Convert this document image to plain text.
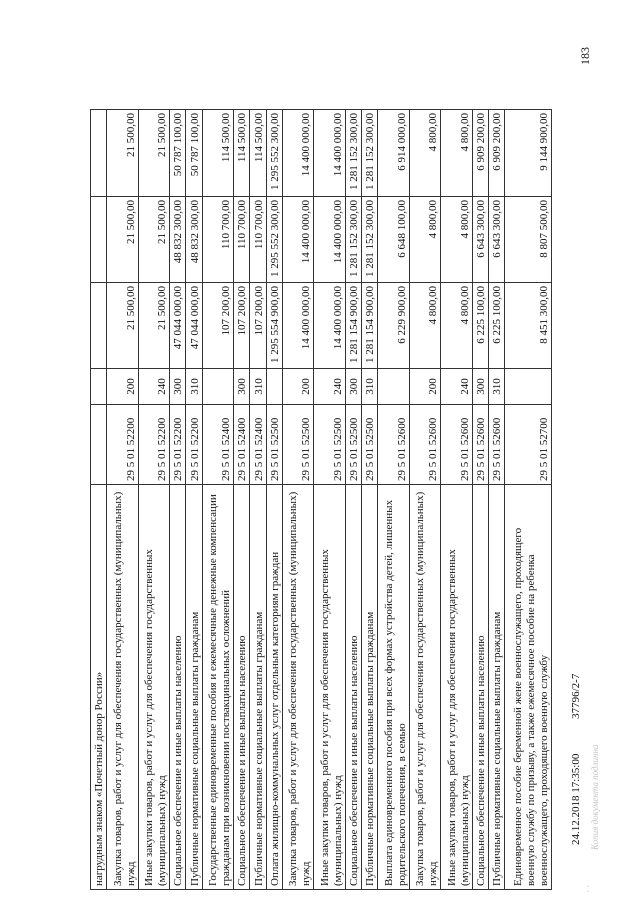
183
нагрудным знаком «Почетный донор России»					
Закупка товаров, работ и услуг для обеспечения государственных (муниципальных) нужд	29 5 01 52200	200	21 500,00	21 500,00	21 500,00
Иные закупки товаров, работ и услуг для обеспечения государственных (муниципальных) нужд	29 5 01 52200	240	21 500,00	21 500,00	21 500,00
Социальное обеспечение и иные выплаты населению	29 5 01 52200	300	47 044 000,00	48 832 300,00	50 787 100,00
Публичные нормативные социальные выплаты гражданам	29 5 01 52200	310	47 044 000,00	48 832 300,00	50 787 100,00
Государственные единовременные пособия и ежемесячные денежные компенсации гражданам при возникновении поствакцинальных осложнений	29 5 01 52400		107 200,00	110 700,00	114 500,00
Социальное обеспечение и иные выплаты населению	29 5 01 52400	300	107 200,00	110 700,00	114 500,00
Публичные нормативные социальные выплаты гражданам	29 5 01 52400	310	107 200,00	110 700,00	114 500,00
Оплата жилищно-коммунальных услуг отдельным категориям граждан	29 5 01 52500		1 295 554 900,00	1 295 552 300,00	1 295 552 300,00
Закупка товаров, работ и услуг для обеспечения государственных (муниципальных) нужд	29 5 01 52500	200	14 400 000,00	14 400 000,00	14 400 000,00
Иные закупки товаров, работ и услуг для обеспечения государственных (муниципальных) нужд	29 5 01 52500	240	14 400 000,00	14 400 000,00	14 400 000,00
Социальное обеспечение и иные выплаты населению	29 5 01 52500	300	1 281 154 900,00	1 281 152 300,00	1 281 152 300,00
Публичные нормативные социальные выплаты гражданам	29 5 01 52500	310	1 281 154 900,00	1 281 152 300,00	1 281 152 300,00
Выплата единовременного пособия при всех формах устройства детей, лишенных родительского попечения, в семью	29 5 01 52600		6 229 900,00	6 648 100,00	6 914 000,00
Закупка товаров, работ и услуг для обеспечения государственных (муниципальных) нужд	29 5 01 52600	200	4 800,00	4 800,00	4 800,00
Иные закупки товаров, работ и услуг для обеспечения государственных (муниципальных) нужд	29 5 01 52600	240	4 800,00	4 800,00	4 800,00
Социальное обеспечение и иные выплаты населению	29 5 01 52600	300	6 225 100,00	6 643 300,00	6 909 200,00
Публичные нормативные социальные выплаты гражданам	29 5 01 52600	310	6 225 100,00	6 643 300,00	6 909 200,00
Единовременное пособие беременной жене военнослужащего, проходящего военную службу по призыву, а также ежемесячное пособие на ребенка военнослужащего, проходящего военную службу	29 5 01 52700		8 451 300,00	8 807 500,00	9 144 900,00
24.12.2018 17:35:00 37796/2-7
Копия документа подлинна
· ·
